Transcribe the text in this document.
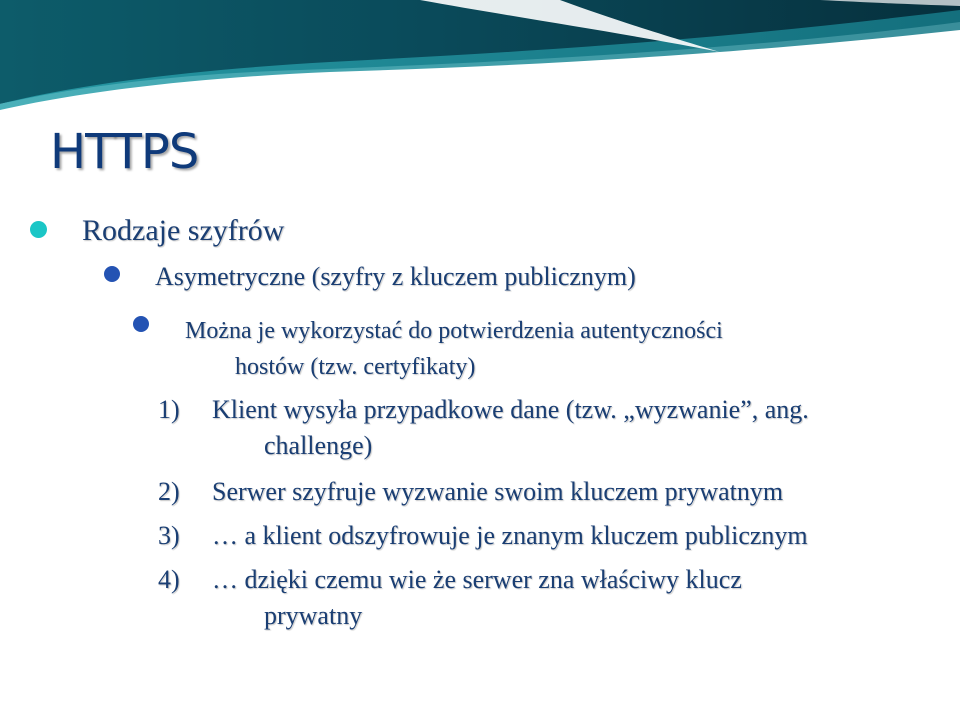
HTTPS
Rodzaje szyfrów
Asymetryczne (szyfry z kluczem publicznym)
Można je wykorzystać do potwierdzenia autentyczności
hostów (tzw. certyfikaty)
1) Klient wysyła przypadkowe dane (tzw. „wyzwanie”, ang.
challenge)
2) Serwer szyfruje wyzwanie swoim kluczem prywatnym
3) … a klient odszyfrowuje je znanym kluczem publicznym
4) … dzięki czemu wie że serwer zna właściwy klucz
prywatny
